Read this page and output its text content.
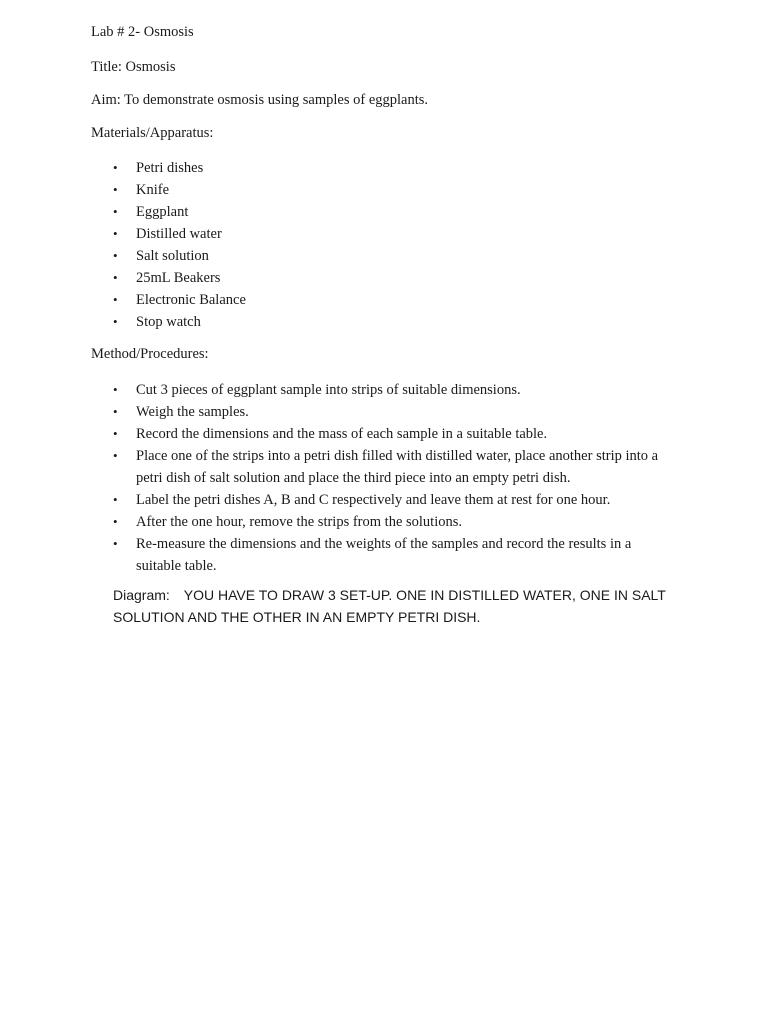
Lab # 2- Osmosis

Title: Osmosis

Aim: To demonstrate osmosis using samples of eggplants.

Materials/Apparatus:

• Petri dishes
• Knife
• Eggplant
• Distilled water
• Salt solution
• 25mL Beakers
• Electronic Balance
• Stop watch

Method/Procedures:

• Cut 3 pieces of eggplant sample into strips of suitable dimensions.
• Weigh the samples.
• Record the dimensions and the mass of each sample in a suitable table.
• Place one of the strips into a petri dish filled with distilled water, place another strip into a petri dish of salt solution and place the third piece into an empty petri dish.
• Label the petri dishes A, B and C respectively and leave them at rest for one hour.
• After the one hour, remove the strips from the solutions.
• Re-measure the dimensions and the weights of the samples and record the results in a suitable table.
Diagram: YOU HAVE TO DRAW 3 SET-UP. ONE IN DISTILLED WATER, ONE IN SALT SOLUTION AND THE OTHER IN AN EMPTY PETRI DISH.
